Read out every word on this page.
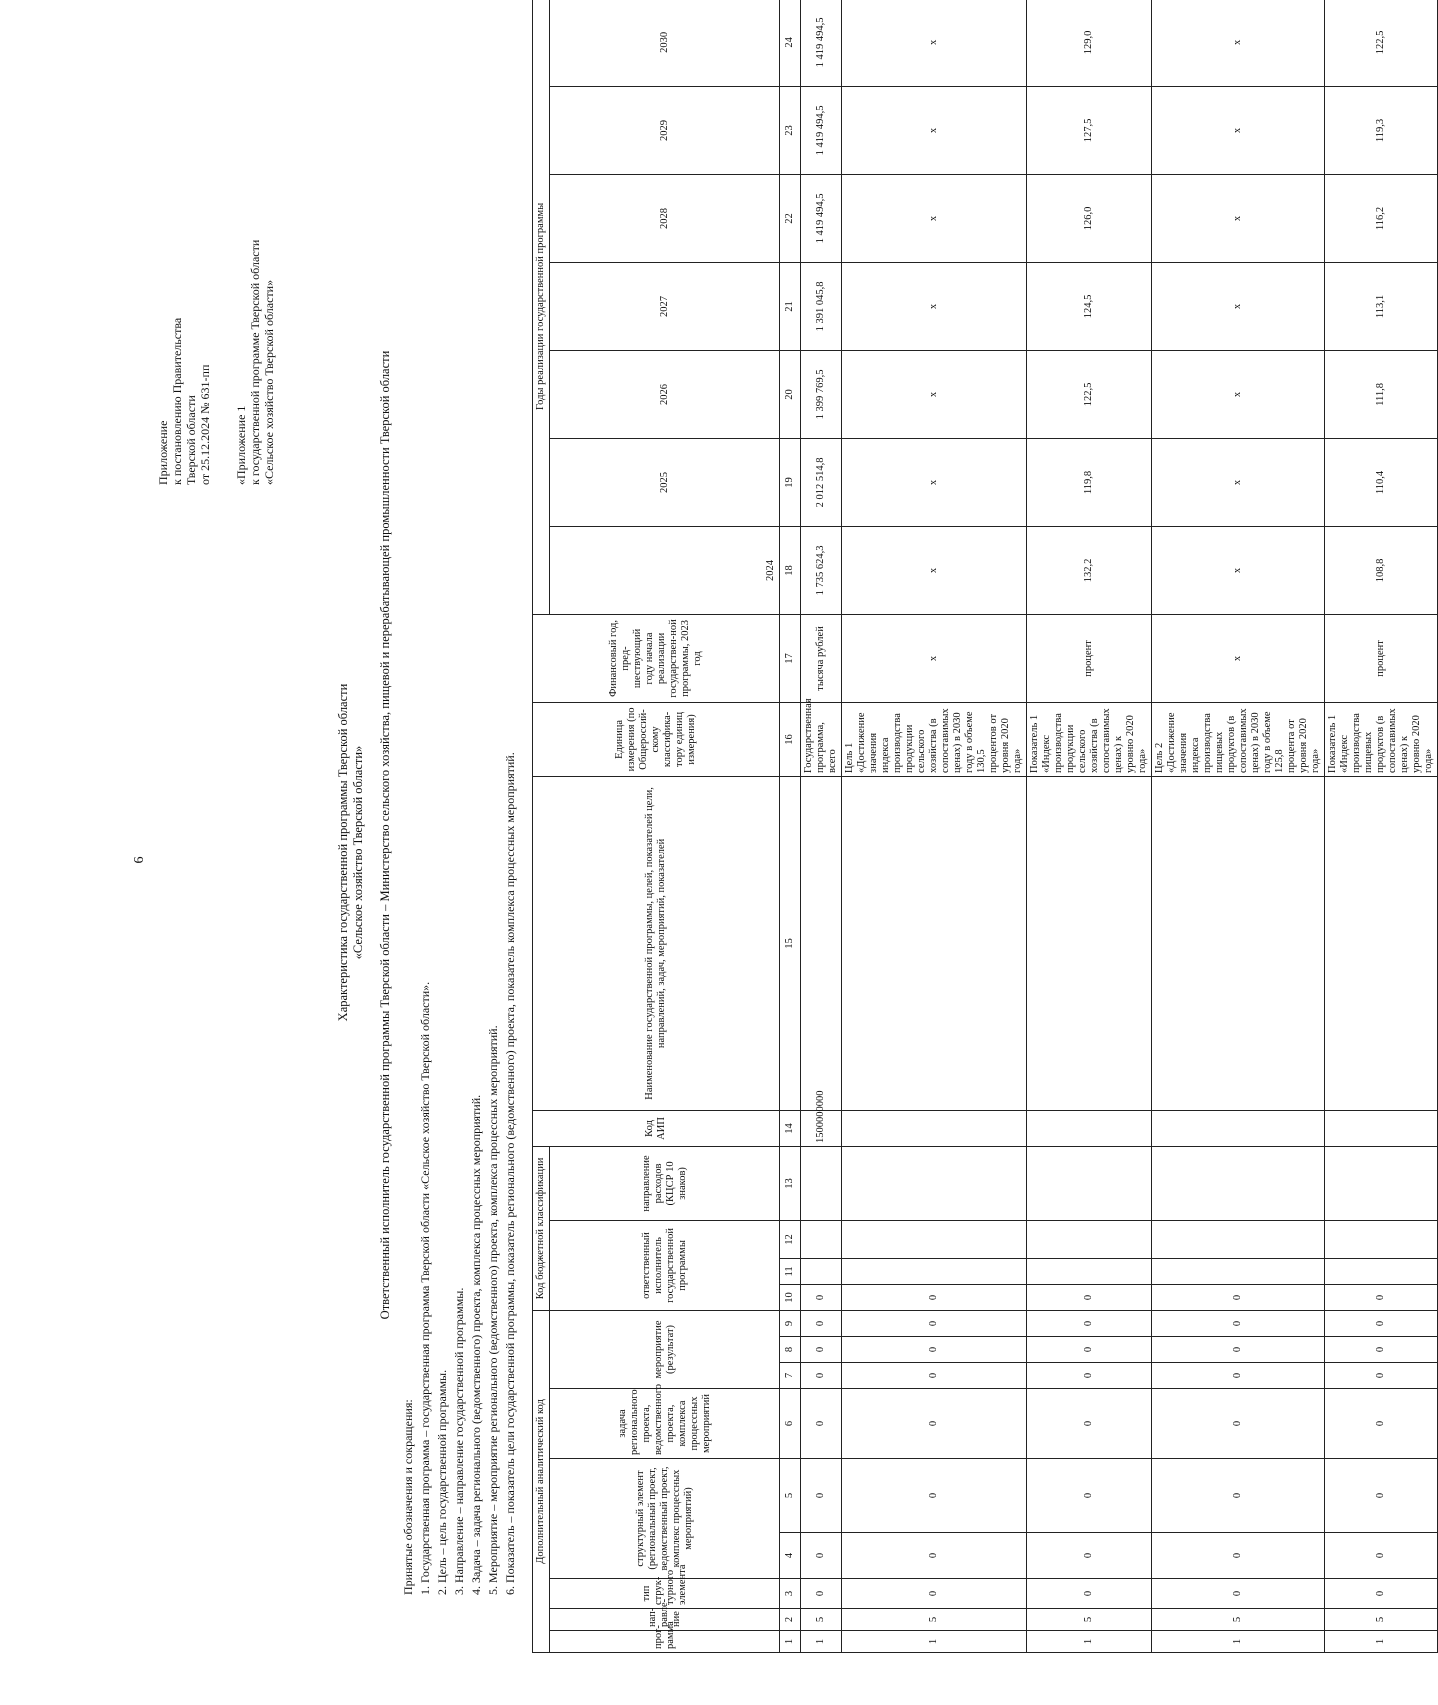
6

Приложение к постановлению Правительства Тверской области от 25.12.2024 № 631-пп «Приложение 1 к государственной программе Тверской области «Сельское хозяйство Тверской области»

Характеристика государственной программы Тверской области «Сельское хозяйство Тверской области» Ответственный исполнитель государственной программы Тверской области – Министерство сельского хозяйства, пищевой и перерабатывающей промышленности Тверской области

Принятые обозначения и сокращения: 1. Государственная программа – государственная программа Тверской области «Сельское хозяйство Тверской области». 2. Цель – цель государственной программы. 3. Направление – направление государственной программы. 4. Задача – задача регионального (ведомственного) проекта, комплекса процессных мероприятий. 5. Мероприятие – мероприятие регионального (ведомственного) проекта, комплекса процессных мероприятий. 6. Показатель – показатель цели государственной программы, показатель регионального (ведомственного) проекта, показатель комплекса процессных мероприятий. Дополнительный аналитический код									Код бюджетной классификации				Код АИП	Наименование государственной программы, целей, показателей цели, направлений, задач, мероприятий, показателей	Единица измерения (по Общероссий-скому классифика-тору единиц измерения)	Финансовый год, пред-шествующий году начала реализации государствен-ной программы, 2023 год	Годы реализации государственной программы							
прог-рамма	нап-равле-ние	тип струк-турного элемента	структурный элемент (региональный проект, ведомственный проект, комплекс процессных мероприятий)		задача регионального проекта, ведомственного проекта, комплекса процессных мероприятий	мероприятие (результат)			ответственный исполнитель государственной программы			направление расходов (КЦСР 10 знаков)					2024	2025	2026	2027	2028	2029	2030	
1	2	3	4	5	6	7	8	9	10	11	12	13	14	15	16	17	18	19	20	21	22	23	24	
1	5	0	0	0	0	0	0	0	0				1500000000		Государственная программа, всего	тысяча рублей	1 735 624,3	2 012 514,8	1 399 769,5	1 391 045,8	1 419 494,5	1 419 494,5	1 419 494,5	
1	5	0	0	0	0	0	0	0	0						Цель 1 «Достижение значения индекса производства продукции сельского хозяйства (в сопоставимых ценах) в 2030 году в объеме 130,5 процентов от уровня 2020 года»	x	x	x	x	x	x	x	x	
1	5	0	0	0	0	0	0	0	0						Показатель 1 «Индекс производства продукции сельского хозяйства (в сопоставимых ценах) к уровню 2020 года»	процент	132,2	119,8	122,5	124,5	126,0	127,5	129,0	
1	5	0	0	0	0	0	0	0	0						Цель 2 «Достижение значения индекса производства пищевых продуктов (в сопоставимых ценах) в 2030 году в объеме 125,8 процента от уровня 2020 года»	x	x	x	x	x	x	x	x	
1	5	0	0	0	0	0	0	0	0						Показатель 1 «Индекс производства пищевых продуктов (в сопоставимых ценах) к уровню 2020 года»	процент	108,8	110,4	111,8	113,1	116,2	119,3	122,5	
